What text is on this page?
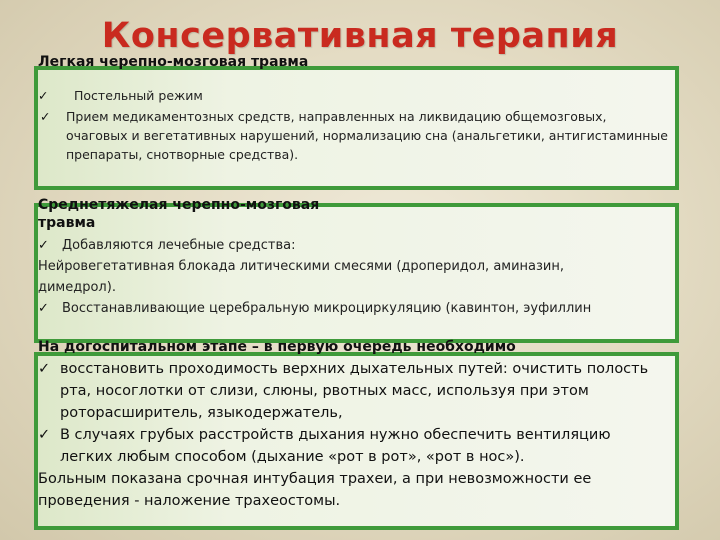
Консервативная терапия
Легкая черепно-мозговая травма
✓ Постельный режим
✓ Прием медикаментозных средств, направленных на ликвидацию общемозговых, очаговых и вегетативных нарушений, нормализацию сна (анальгетики, антигистаминные препараты, снотворные средства).
Среднетяжелая черепно-мозговая
травма
✓ Добавляются лечебные средства:

Нейровегетативная блокада литическими смесями (дроперидол, аминазин, димедрол).

✓ Восстанавливающие церебральную микроциркуляцию (кавинтон, эуфиллин
На догоспитальном этапе – в первую очередь необходимо
✓ восстановить проходимость верхних дыхательных путей: очистить полость рта, носоглотки от слизи, слюны, рвотных масс, используя при этом роторасширитель, языкодержатель,
✓ В случаях грубых расстройств дыхания нужно обеспечить вентиляцию легких любым способом (дыхание «рот в рот», «рот в нос»).

Больным показана срочная интубация трахеи, а при невозможности ее проведения - наложение трахеостомы.
